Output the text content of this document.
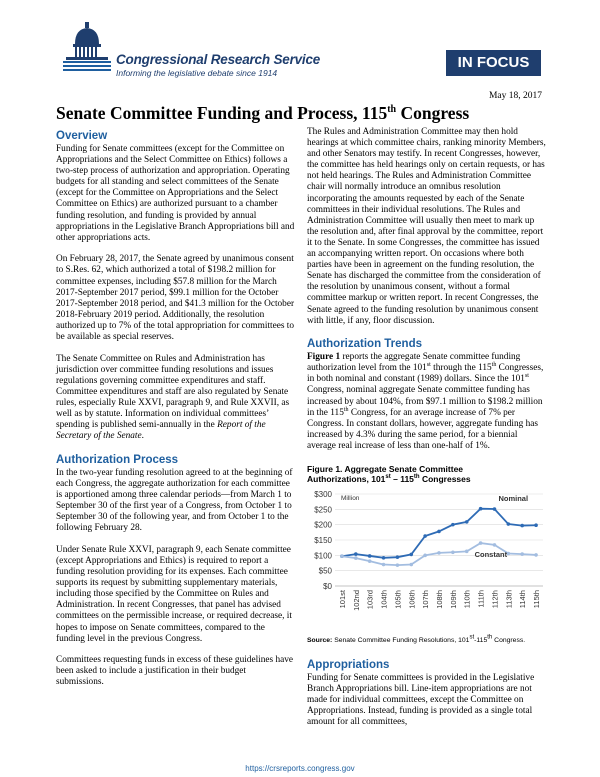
Congressional Research Service
Informing the legislative debate since 1914
IN FOCUS
May 18, 2017
Senate Committee Funding and Process, 115th Congress
Overview

Funding for Senate committees (except for the Committee on Appropriations and the Select Committee on Ethics) follows a two-step process of authorization and appropriation. Operating budgets for all standing and select committees of the Senate (except for the Committee on Appropriations and the Select Committee on Ethics) are authorized pursuant to a chamber funding resolution, and funding is provided by annual appropriations in the Legislative Branch Appropriations bill and other appropriations acts.

On February 28, 2017, the Senate agreed by unanimous consent to S.Res. 62, which authorized a total of $198.2 million for committee expenses, including $57.8 million for the March 2017-September 2017 period, $99.1 million for the October 2017-September 2018 period, and $41.3 million for the October 2018-February 2019 period. Additionally, the resolution authorized up to 7% of the total appropriation for committees to be available as special reserves.

The Senate Committee on Rules and Administration has jurisdiction over committee funding resolutions and issues regulations governing committee expenditures and staff. Committee expenditures and staff are also regulated by Senate rules, especially Rule XXVI, paragraph 9, and Rule XXVII, as well as by statute. Information on individual committees’ spending is published semi-annually in the Report of the Secretary of the Senate.

Authorization Process

In the two-year funding resolution agreed to at the beginning of each Congress, the aggregate authorization for each committee is apportioned among three calendar periods—from March 1 to September 30 of the first year of a Congress, from October 1 to September 30 of the following year, and from October 1 to the following February 28.

Under Senate Rule XXVI, paragraph 9, each Senate committee (except Appropriations and Ethics) is required to report a funding resolution providing for its expenses. Each committee supports its request by submitting supplementary materials, including those specified by the Committee on Rules and Administration. In recent Congresses, that panel has advised committees on the permissible increase, or required decrease, it hopes to impose on Senate committees, compared to the funding level in the previous Congress.

Committees requesting funds in excess of these guidelines have been asked to include a justification in their budget submissions.

The Rules and Administration Committee may then hold hearings at which committee chairs, ranking minority Members, and other Senators may testify. In recent Congresses, however, the committee has held hearings only on certain requests, or has not held hearings. The Rules and Administration Committee chair will normally introduce an omnibus resolution incorporating the amounts requested by each of the Senate committees in their individual resolutions. The Rules and Administration Committee will usually then meet to mark up the resolution and, after final approval by the committee, report it to the Senate. In some Congresses, the committee has issued an accompanying written report. On occasions where both parties have been in agreement on the funding resolution, the Senate has discharged the committee from the consideration of the resolution by unanimous consent, without a formal committee markup or written report. In recent Congresses, the Senate agreed to the funding resolution by unanimous consent with little, if any, floor discussion.

Authorization Trends

Figure 1 reports the aggregate Senate committee funding authorization level from the 101st through the 115th Congresses, in both nominal and constant (1989) dollars. Since the 101st Congress, nominal aggregate Senate committee funding has increased by about 104%, from $97.1 million to $198.2 million in the 115th Congress, for an average increase of 7% per Congress. In constant dollars, however, aggregate funding has increased by 4.3% during the same period, for a biennial average real increase of less than one-half of 1%.

Figure 1. Aggregate Senate Committee
Authorizations, 101st – 115th Congresses
$300
$250
$200
$150
$100
$50
$0
Million
101st 102nd 103rd 104th 105th 106th 107th 108th 109th 110th 111th 112th 113th 114th 115th
Nominal
Constant
Source: Senate Committee Funding Resolutions, 101st-115th Congress.
Appropriations

Funding for Senate committees is provided in the Legislative Branch Appropriations bill. Line-item appropriations are not made for individual committees, except the Committee on Appropriations. Instead, funding is provided as a single total amount for all committees,

https://crsreports.congress.gov
